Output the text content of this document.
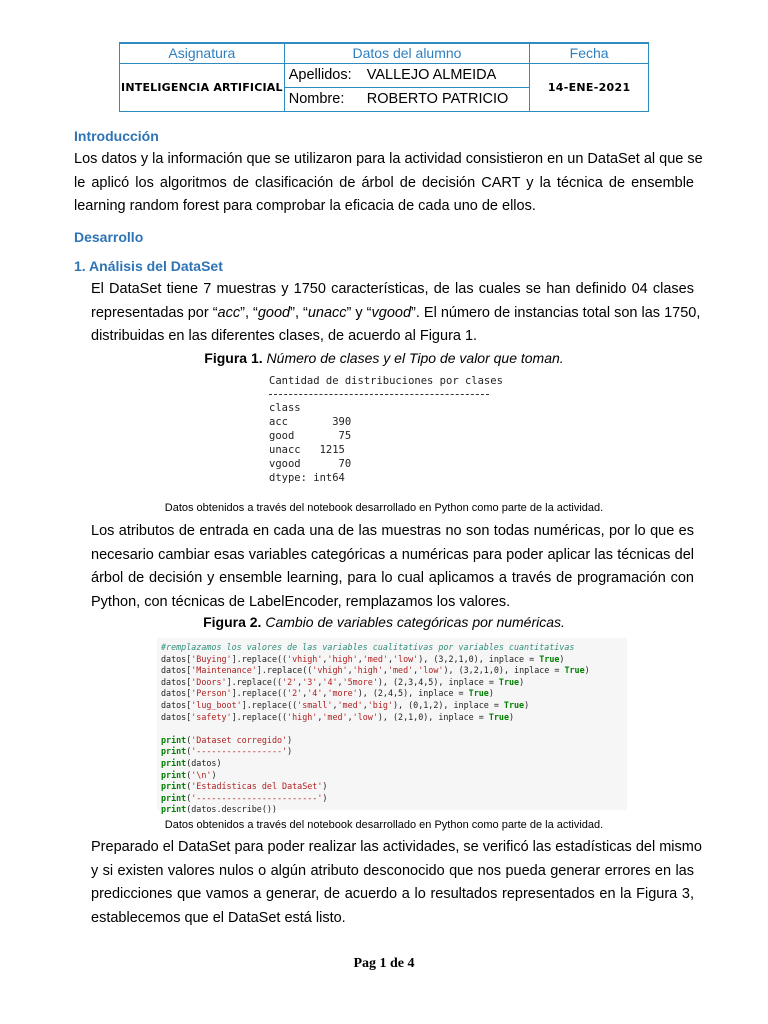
Asignatura	Datos del alumno	Fecha
INTELIGENCIA ARTIFICIAL	Apellidos: VALLEJO ALMEIDA	14-ENE-2021
	Nombre: ROBERTO PATRICIO	
Introducción
Los datos y la información que se utilizaron para la actividad consistieron en un DataSet al que se
le aplicó los algoritmos de clasificación de árbol de decisión CART y la técnica de ensemble
learning random forest para comprobar la eficacia de cada uno de ellos.
Desarrollo
1. Análisis del DataSet
El DataSet tiene 7 muestras y 1750 características, de las cuales se han definido 04 clases
representadas por “acc”, “good”, “unacc” y “vgood”. El número de instancias total son las 1750,
distribuidas en las diferentes clases, de acuerdo al Figura 1.
Figura 1. Número de clases y el Tipo de valor que toman.
Cantidad de distribuciones por clases
class
acc       390
good       75
unacc   1215
vgood      70
dtype: int64
Datos obtenidos a través del notebook desarrollado en Python como parte de la actividad.
Los atributos de entrada en cada una de las muestras no son todas numéricas, por lo que es
necesario cambiar esas variables categóricas a numéricas para poder aplicar las técnicas del
árbol de decisión y ensemble learning, para lo cual aplicamos a través de programación con
Python, con técnicas de LabelEncoder, remplazamos los valores.
Figura 2. Cambio de variables categóricas por numéricas.
#remplazamos los valores de las variables cualitativas por variables cuantitativas
datos['Buying'].replace(('vhigh','high','med','low'), (3,2,1,0), inplace = True)
datos['Maintenance'].replace(('vhigh','high','med','low'), (3,2,1,0), inplace = True)
datos['Doors'].replace(('2','3','4','5more'), (2,3,4,5), inplace = True)
datos['Person'].replace(('2','4','more'), (2,4,5), inplace = True)
datos['lug_boot'].replace(('small','med','big'), (0,1,2), inplace = True)
datos['safety'].replace(('high','med','low'), (2,1,0), inplace = True)
print('Dataset corregido')
print('-----------------')
print(datos)
print('\n')
print('Estadísticas del DataSet')
print('------------------------')
print(datos.describe())
Datos obtenidos a través del notebook desarrollado en Python como parte de la actividad.
Preparado el DataSet para poder realizar las actividades, se verificó las estadísticas del mismo
y si existen valores nulos o algún atributo desconocido que nos pueda generar errores en las
predicciones que vamos a generar, de acuerdo a lo resultados representados en la Figura 3,
establecemos que el DataSet está listo.
Pag 1 de 4
